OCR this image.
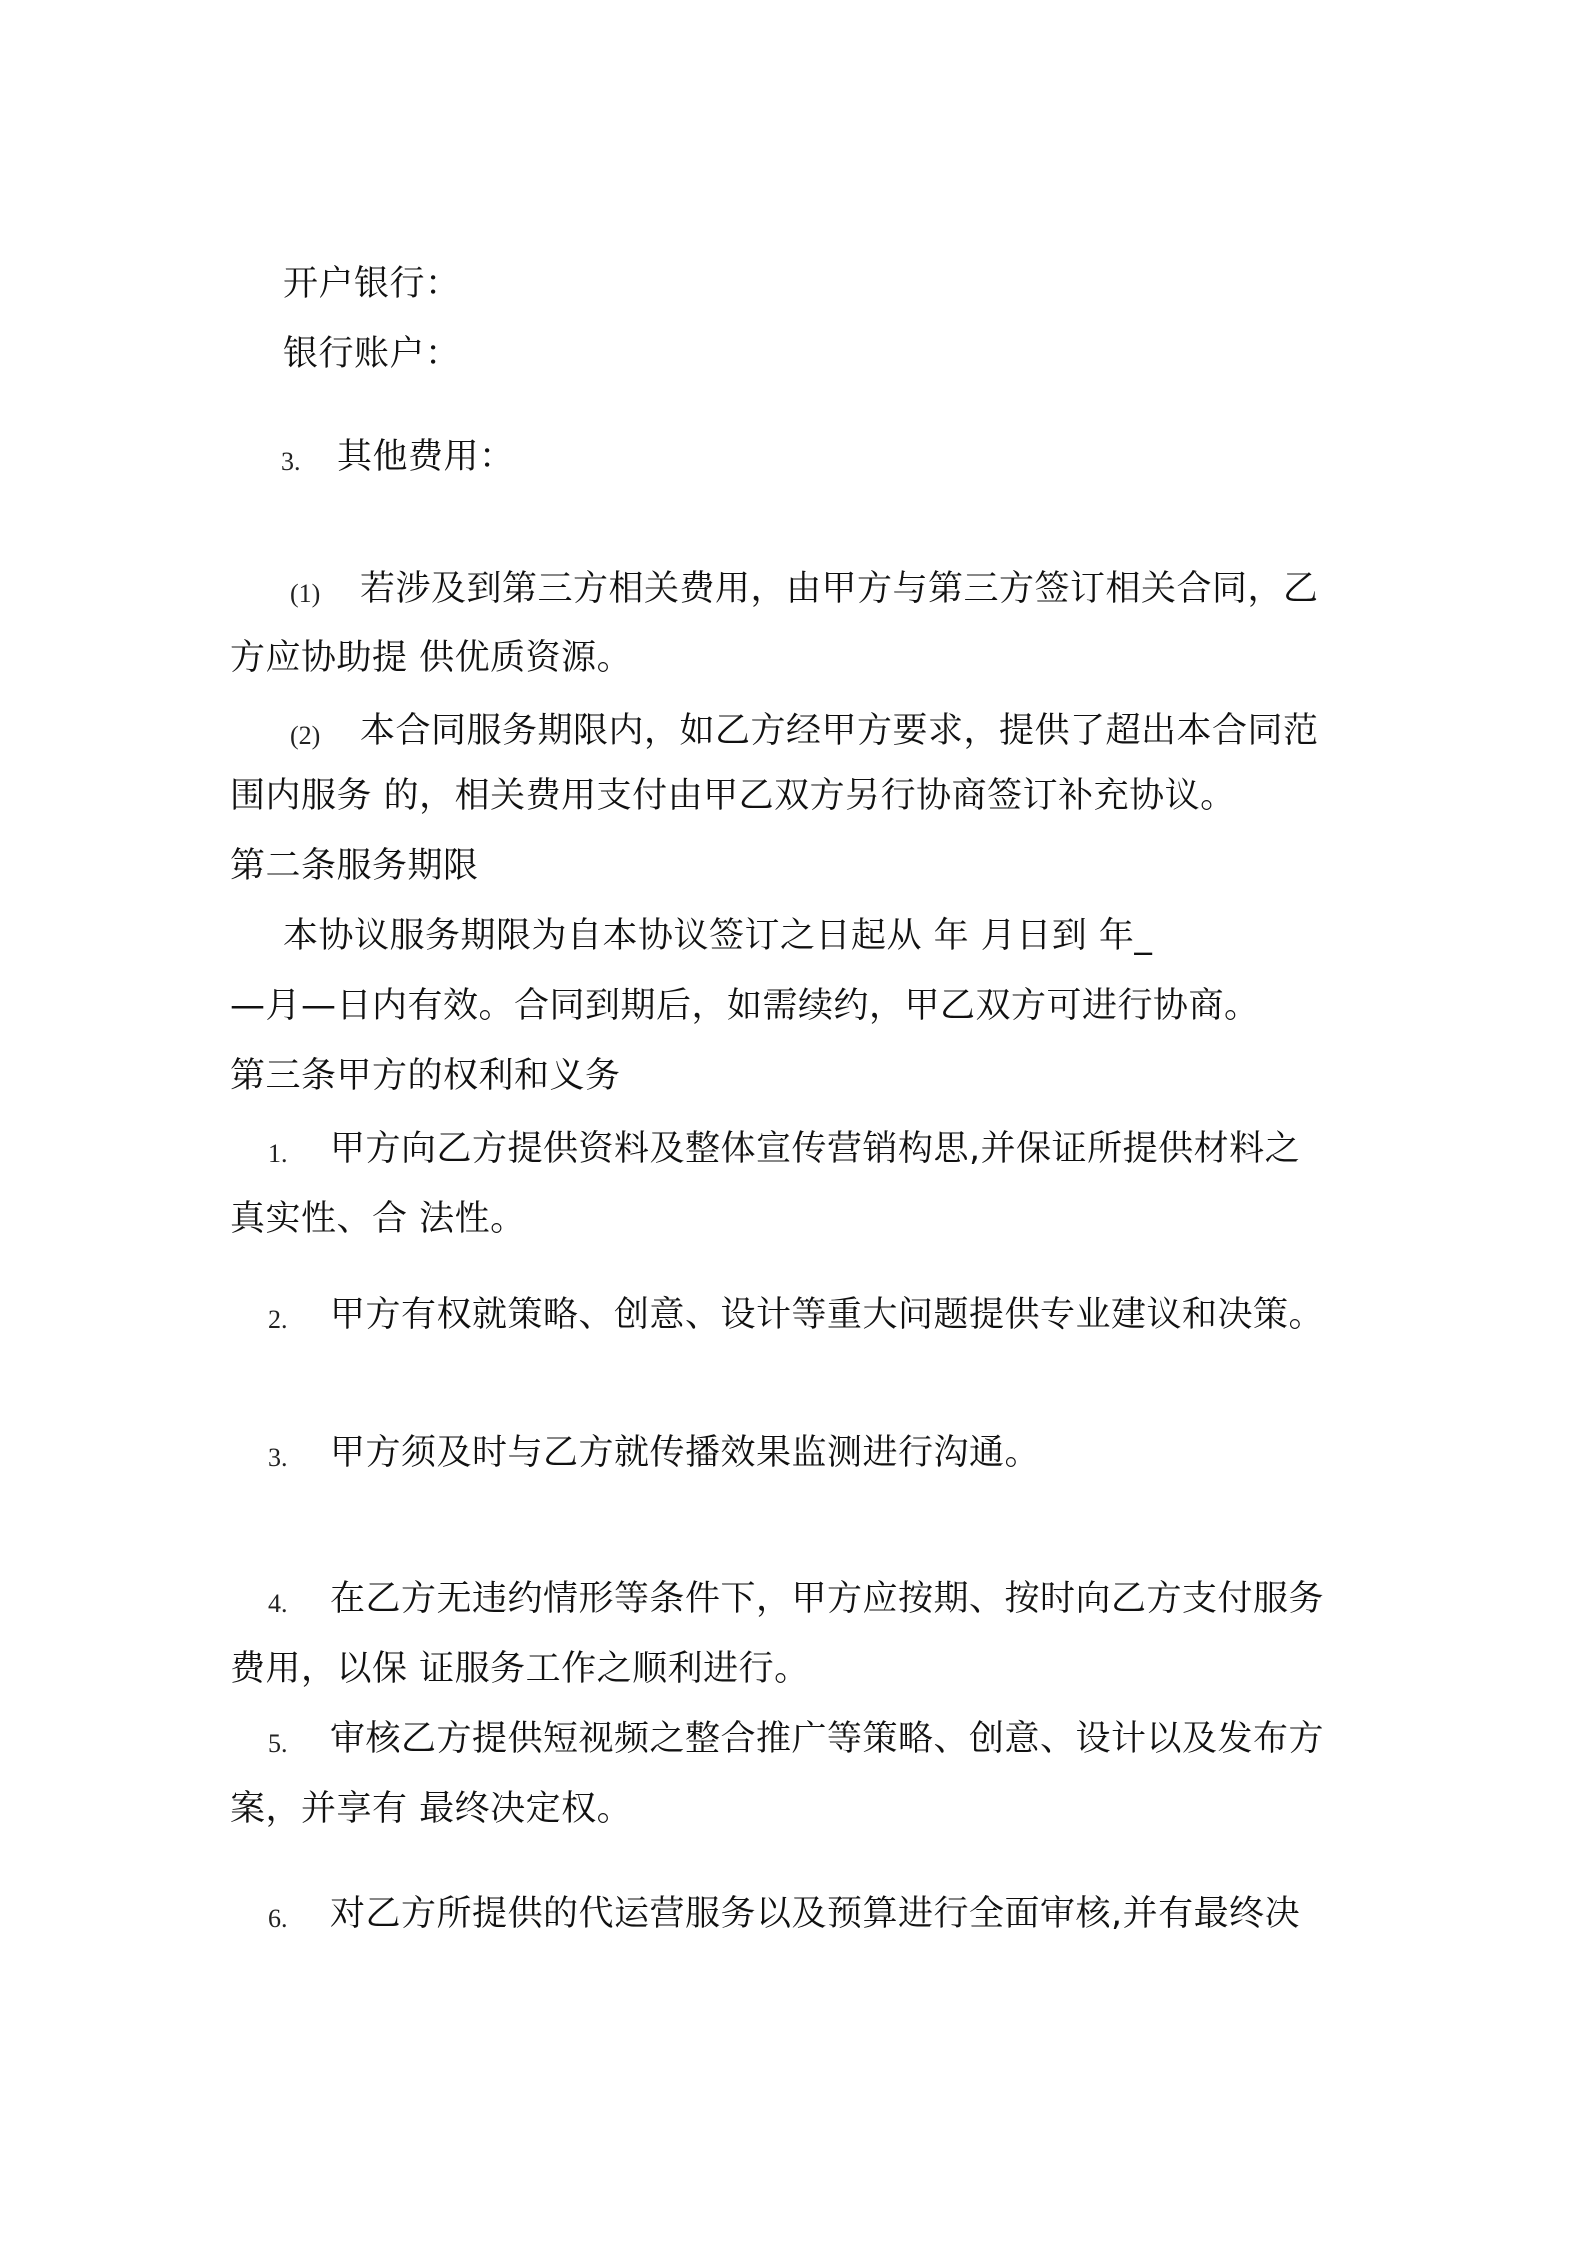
开户银行：
银行账户：
3. 其他费用：
(1) 若涉及到第三方相关费用，由甲方与第三方签订相关合同，乙
方应协助提 供优质资源。
(2) 本合同服务期限内，如乙方经甲方要求，提供了超出本合同范
围内服务 的，相关费用支付由甲乙双方另行协商签订补充协议。
第二条服务期限
本协议服务期限为自本协议签订之日起从 年 月日到 年_
—月—日内有效。合同到期后，如需续约，甲乙双方可进行协商。
第三条甲方的权利和义务
1. 甲方向乙方提供资料及整体宣传营销构思,并保证所提供材料之
真实性、合 法性。
2. 甲方有权就策略、创意、设计等重大问题提供专业建议和决策。
3. 甲方须及时与乙方就传播效果监测进行沟通。
4. 在乙方无违约情形等条件下，甲方应按期、按时向乙方支付服务
费用，以保 证服务工作之顺利进行。
5. 审核乙方提供短视频之整合推广等策略、创意、设计以及发布方
案，并享有 最终决定权。
6. 对乙方所提供的代运营服务以及预算进行全面审核,并有最终决
